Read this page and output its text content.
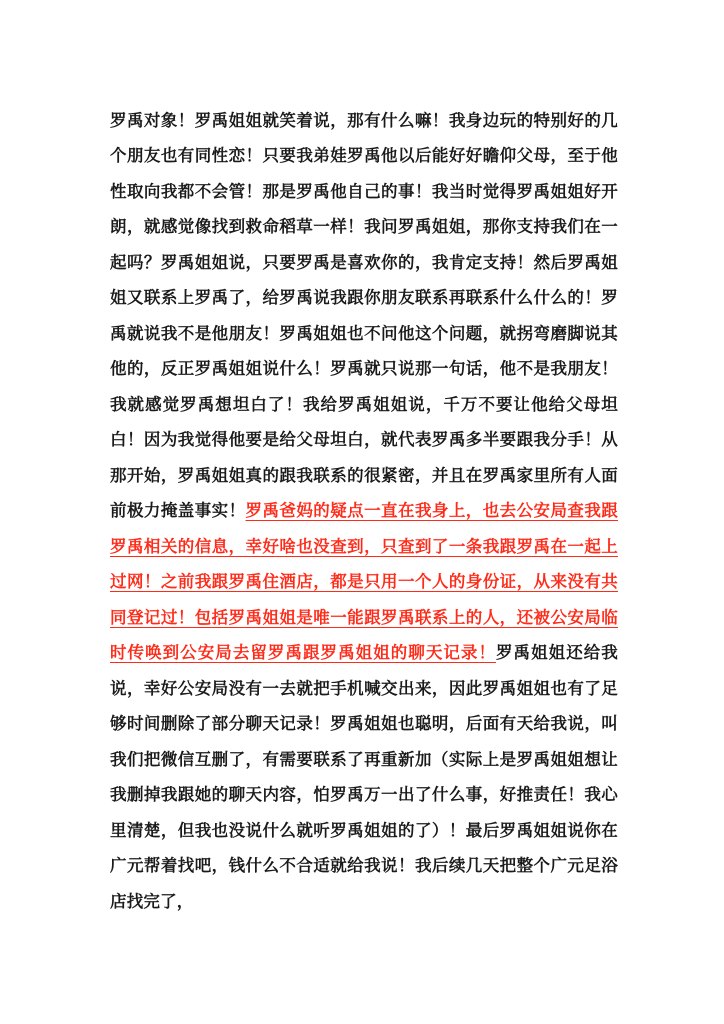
罗禹对象！罗禹姐姐就笑着说，那有什么嘛！我身边玩的特别好的几个朋友也有同性恋！只要我弟娃罗禹他以后能好好瞻仰父母，至于他性取向我都不会管！那是罗禹他自己的事！我当时觉得罗禹姐姐好开朗，就感觉像找到救命稻草一样！我问罗禹姐姐，那你支持我们在一起吗？罗禹姐姐说，只要罗禹是喜欢你的，我肯定支持！然后罗禹姐姐又联系上罗禹了，给罗禹说我跟你朋友联系再联系什么什么的！罗禹就说我不是他朋友！罗禹姐姐也不问他这个问题，就拐弯磨脚说其他的，反正罗禹姐姐说什么！罗禹就只说那一句话，他不是我朋友！我就感觉罗禹想坦白了！我给罗禹姐姐说，千万不要让他给父母坦白！因为我觉得他要是给父母坦白，就代表罗禹多半要跟我分手！从那开始，罗禹姐姐真的跟我联系的很紧密，并且在罗禹家里所有人面前极力掩盖事实！罗禹爸妈的疑点一直在我身上，也去公安局查我跟罗禹相关的信息，幸好啥也没查到，只查到了一条我跟罗禹在一起上过网！之前我跟罗禹住酒店，都是只用一个人的身份证，从来没有共同登记过！包括罗禹姐姐是唯一能跟罗禹联系上的人，还被公安局临时传唤到公安局去留罗禹跟罗禹姐姐的聊天记录！罗禹姐姐还给我说，幸好公安局没有一去就把手机喊交出来，因此罗禹姐姐也有了足够时间删除了部分聊天记录！罗禹姐姐也聪明，后面有天给我说，叫我们把微信互删了，有需要联系了再重新加（实际上是罗禹姐姐想让我删掉我跟她的聊天内容，怕罗禹万一出了什么事，好推责任！我心里清楚，但我也没说什么就听罗禹姐姐的了）！最后罗禹姐姐说你在广元帮着找吧，钱什么不合适就给我说！我后续几天把整个广元足浴店找完了，
